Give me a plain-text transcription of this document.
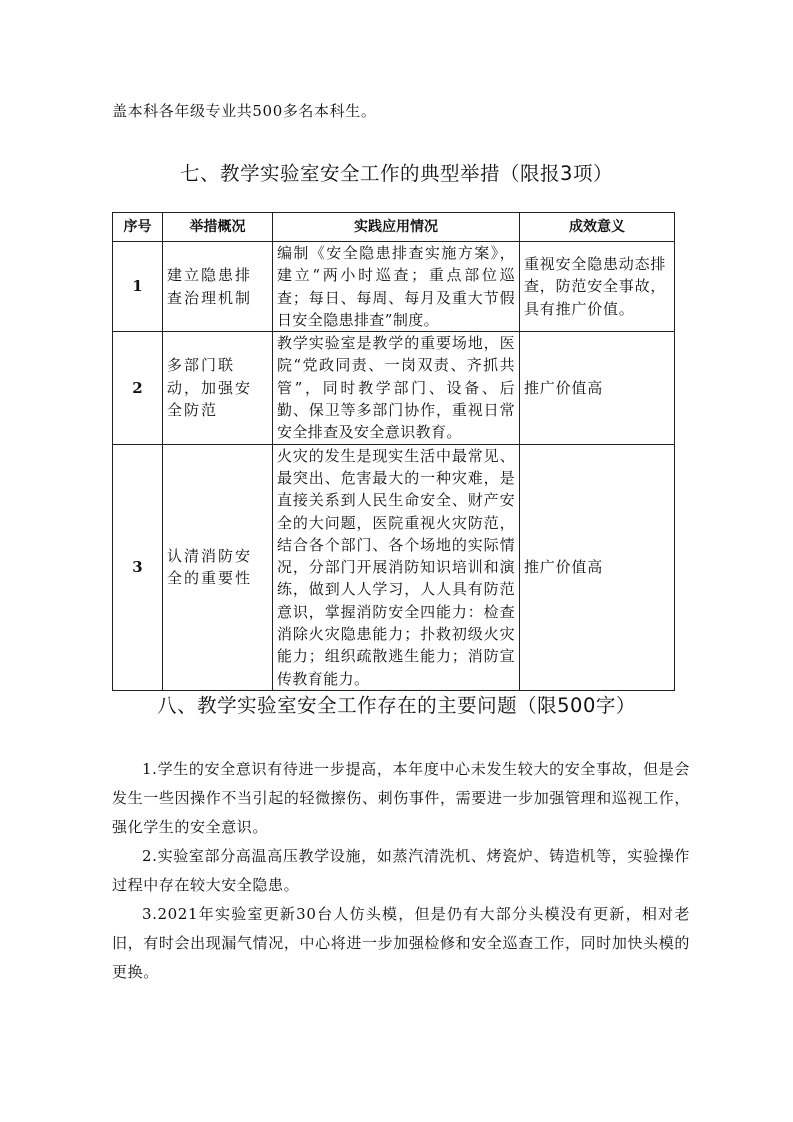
盖本科各年级专业共500多名本科生。

七、教学实验室安全工作的典型举措（限报3项）
序号	举措概况	实践应用情况	成效意义
1	建立隐患排查治理机制	编制《安全隐患排查实施方案》，建立“两小时巡查；重点部位巡查；每日、每周、每月及重大节假日安全隐患排查”制度。	重视安全隐患动态排查，防范安全事故，具有推广价值。
2	多部门联动，加强安全防范	教学实验室是教学的重要场地，医院“党政同责、一岗双责、齐抓共管”，同时教学部门、设备、后勤、保卫等多部门协作，重视日常安全排查及安全意识教育。	推广价值高
3	认清消防安全的重要性	火灾的发生是现实生活中最常见、最突出、危害最大的一种灾难，是直接关系到人民生命安全、财产安全的大问题，医院重视火灾防范，结合各个部门、各个场地的实际情况，分部门开展消防知识培训和演练，做到人人学习，人人具有防范意识，掌握消防安全四能力：检查消除火灾隐患能力；扑救初级火灾能力；组织疏散逃生能力；消防宣传教育能力。	推广价值高
八、教学实验室安全工作存在的主要问题（限500字）

1.学生的安全意识有待进一步提高，本年度中心未发生较大的安全事故，但是会发生一些因操作不当引起的轻微擦伤、刺伤事件，需要进一步加强管理和巡视工作，强化学生的安全意识。

2.实验室部分高温高压教学设施，如蒸汽清洗机、烤瓷炉、铸造机等，实验操作过程中存在较大安全隐患。

3.2021年实验室更新30台人仿头模，但是仍有大部分头模没有更新，相对老旧，有时会出现漏气情况，中心将进一步加强检修和安全巡查工作，同时加快头模的更换。
